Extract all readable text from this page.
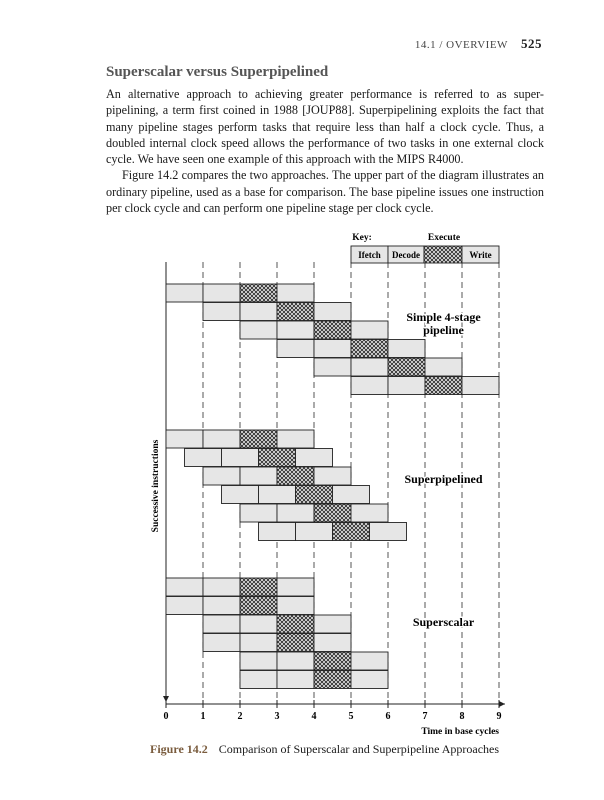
14.1 / OVERVIEW 525
Superscalar versus Superpipelined

An alternative approach to achieving greater performance is referred to as super-pipelining, a term first coined in 1988 [JOUP88]. Superpipelining exploits the fact that many pipeline stages perform tasks that require less than half a clock cycle. Thus, a doubled internal clock speed allows the performance of two tasks in one external clock cycle. We have seen one example of this approach with the MIPS R4000.

Figure 14.2 compares the two approaches. The upper part of the diagram illustrates an ordinary pipeline, used as a base for comparison. The base pipeline issues one instruction per clock cycle and can perform one pipeline stage per clock cycle.

0	1	2	3	4	5	6	7	8	9
Time in base cycles
Successive instructions
Key:	Execute
Ifetch Decode	Write
Simple 4-stage
pipeline
Superpipelined
Superscalar
Figure 14.2 Comparison of Superscalar and Superpipeline Approaches
